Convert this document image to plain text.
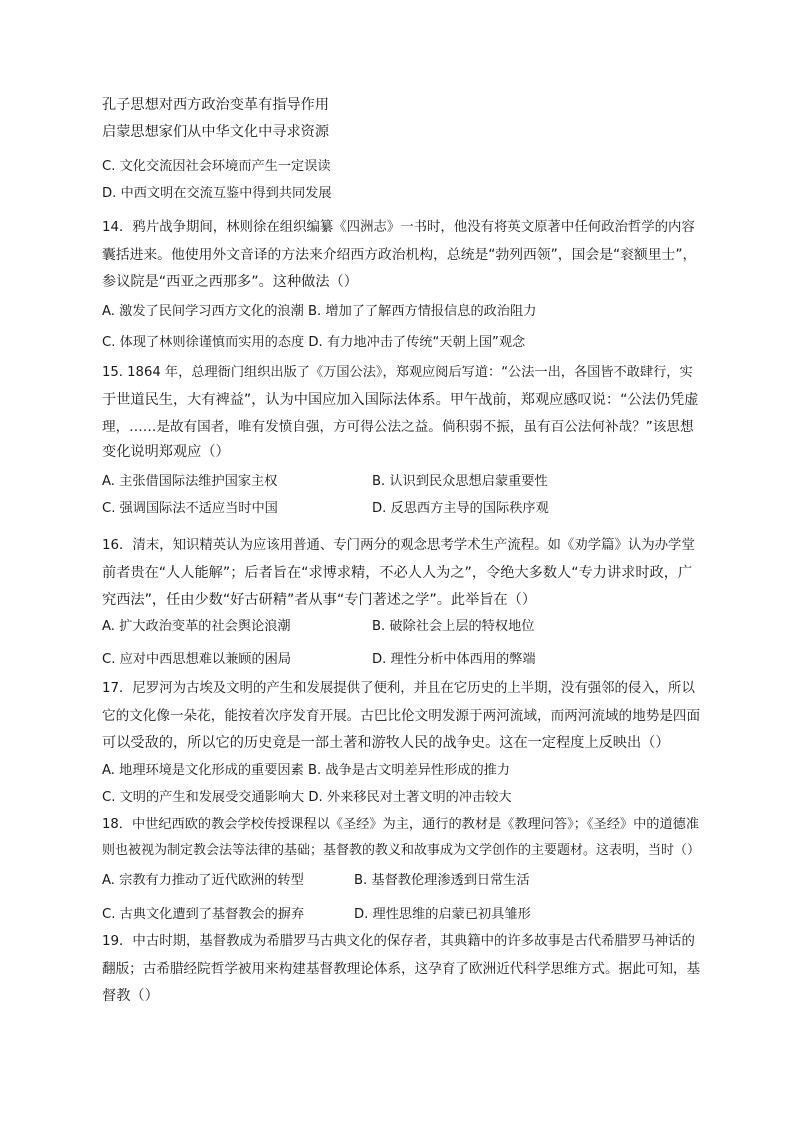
孔子思想对西方政治变革有指导作用
启蒙思想家们从中华文化中寻求资源
C. 文化交流因社会环境而产生一定误读
D. 中西文明在交流互鉴中得到共同发展
14．鸦片战争期间，林则徐在组织编纂《四洲志》一书时，他没有将英文原著中任何政治哲学的内容
囊括进来。他使用外文音译的方法来介绍西方政治机构，总统是“勃列西领”，国会是“衮额里士”，
参议院是“西亚之西那多”。这种做法（）
A. 激发了民间学习西方文化的浪潮 B. 增加了了解西方情报信息的政治阻力
C. 体现了林则徐谨慎而实用的态度 D. 有力地冲击了传统“天朝上国”观念
15. 1864 年，总理衙门组织出版了《万国公法》，郑观应阅后写道：“公法一出，各国皆不敢肆行，实
于世道民生，大有裨益”，认为中国应加入国际法体系。甲午战前，郑观应感叹说：“公法仍凭虚
理，……是故有国者，唯有发愤自强，方可得公法之益。倘积弱不振，虽有百公法何补哉？”该思想
变化说明郑观应（）
A. 主张借国际法维护国家主权	B. 认识到民众思想启蒙重要性
C. 强调国际法不适应当时中国	D. 反思西方主导的国际秩序观
16．清末，知识精英认为应该用普通、专门两分的观念思考学术生产流程。如《劝学篇》认为办学堂
前者贵在“人人能解”；后者旨在“求博求精，不必人人为之”，令绝大多数人“专力讲求时政，广
究西法”，任由少数“好古研精”者从事“专门著述之学”。此举旨在（）
A. 扩大政治变革的社会舆论浪潮	B. 破除社会上层的特权地位
C. 应对中西思想难以兼顾的困局	D. 理性分析中体西用的弊端
17．尼罗河为古埃及文明的产生和发展提供了便利，并且在它历史的上半期，没有强邻的侵入，所以
它的文化像一朵花，能按着次序发育开展。古巴比伦文明发源于两河流域，而两河流域的地势是四面
可以受敌的，所以它的历史竟是一部土著和游牧人民的战争史。这在一定程度上反映出（）
A. 地理环境是文化形成的重要因素 B. 战争是古文明差异性形成的推力
C. 文明的产生和发展受交通影响大 D. 外来移民对土著文明的冲击较大
18．中世纪西欧的教会学校传授课程以《圣经》为主，通行的教材是《教理问答》；《圣经》中的道德准
则也被视为制定教会法等法律的基础；基督教的教义和故事成为文学创作的主要题材。这表明，当时（）
A. 宗教有力推动了近代欧洲的转型	B. 基督教伦理渗透到日常生活
C. 古典文化遭到了基督教会的摒弃	D. 理性思维的启蒙已初具雏形
19．中古时期，基督教成为希腊罗马古典文化的保存者，其典籍中的许多故事是古代希腊罗马神话的
翻版；古希腊经院哲学被用来构建基督教理论体系，这孕育了欧洲近代科学思维方式。据此可知，基
督教（）
